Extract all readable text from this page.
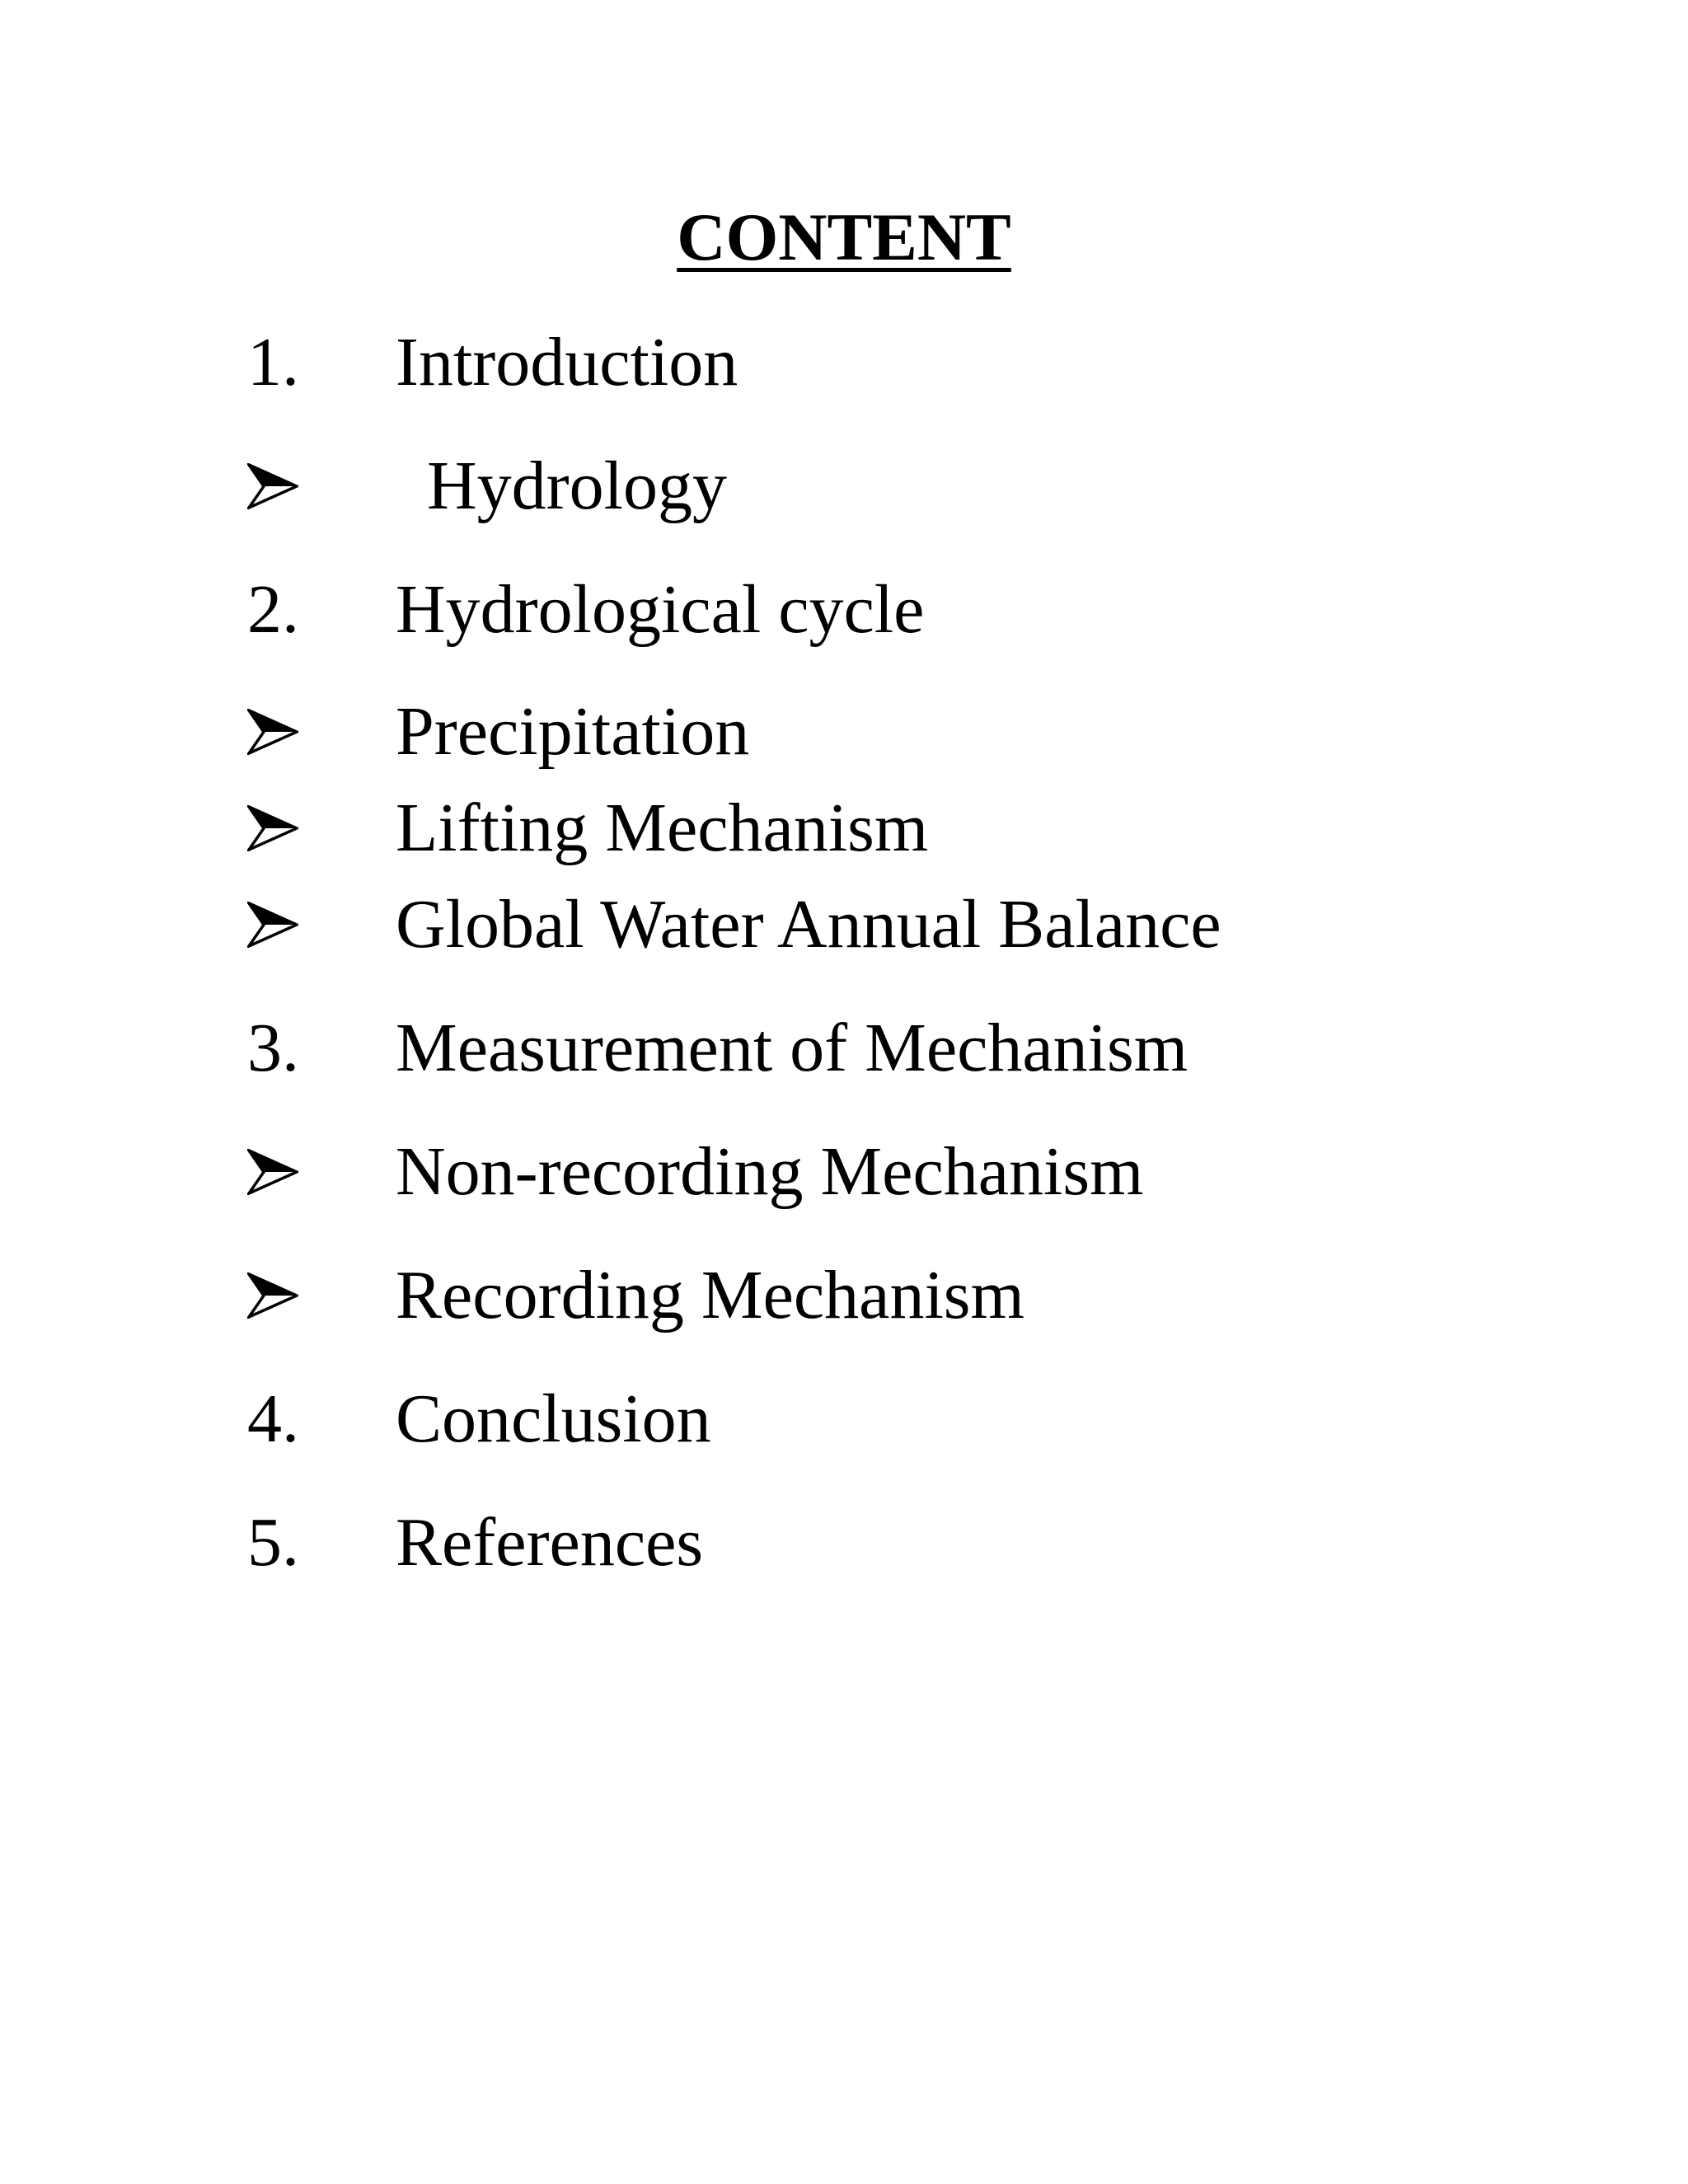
CONTENT
1. Introduction
Hydrology
2. Hydrological cycle
Precipitation
Lifting Mechanism
Global Water Annual Balance
3. Measurement of Mechanism
Non-recording Mechanism
Recording Mechanism
4. Conclusion
5. References
